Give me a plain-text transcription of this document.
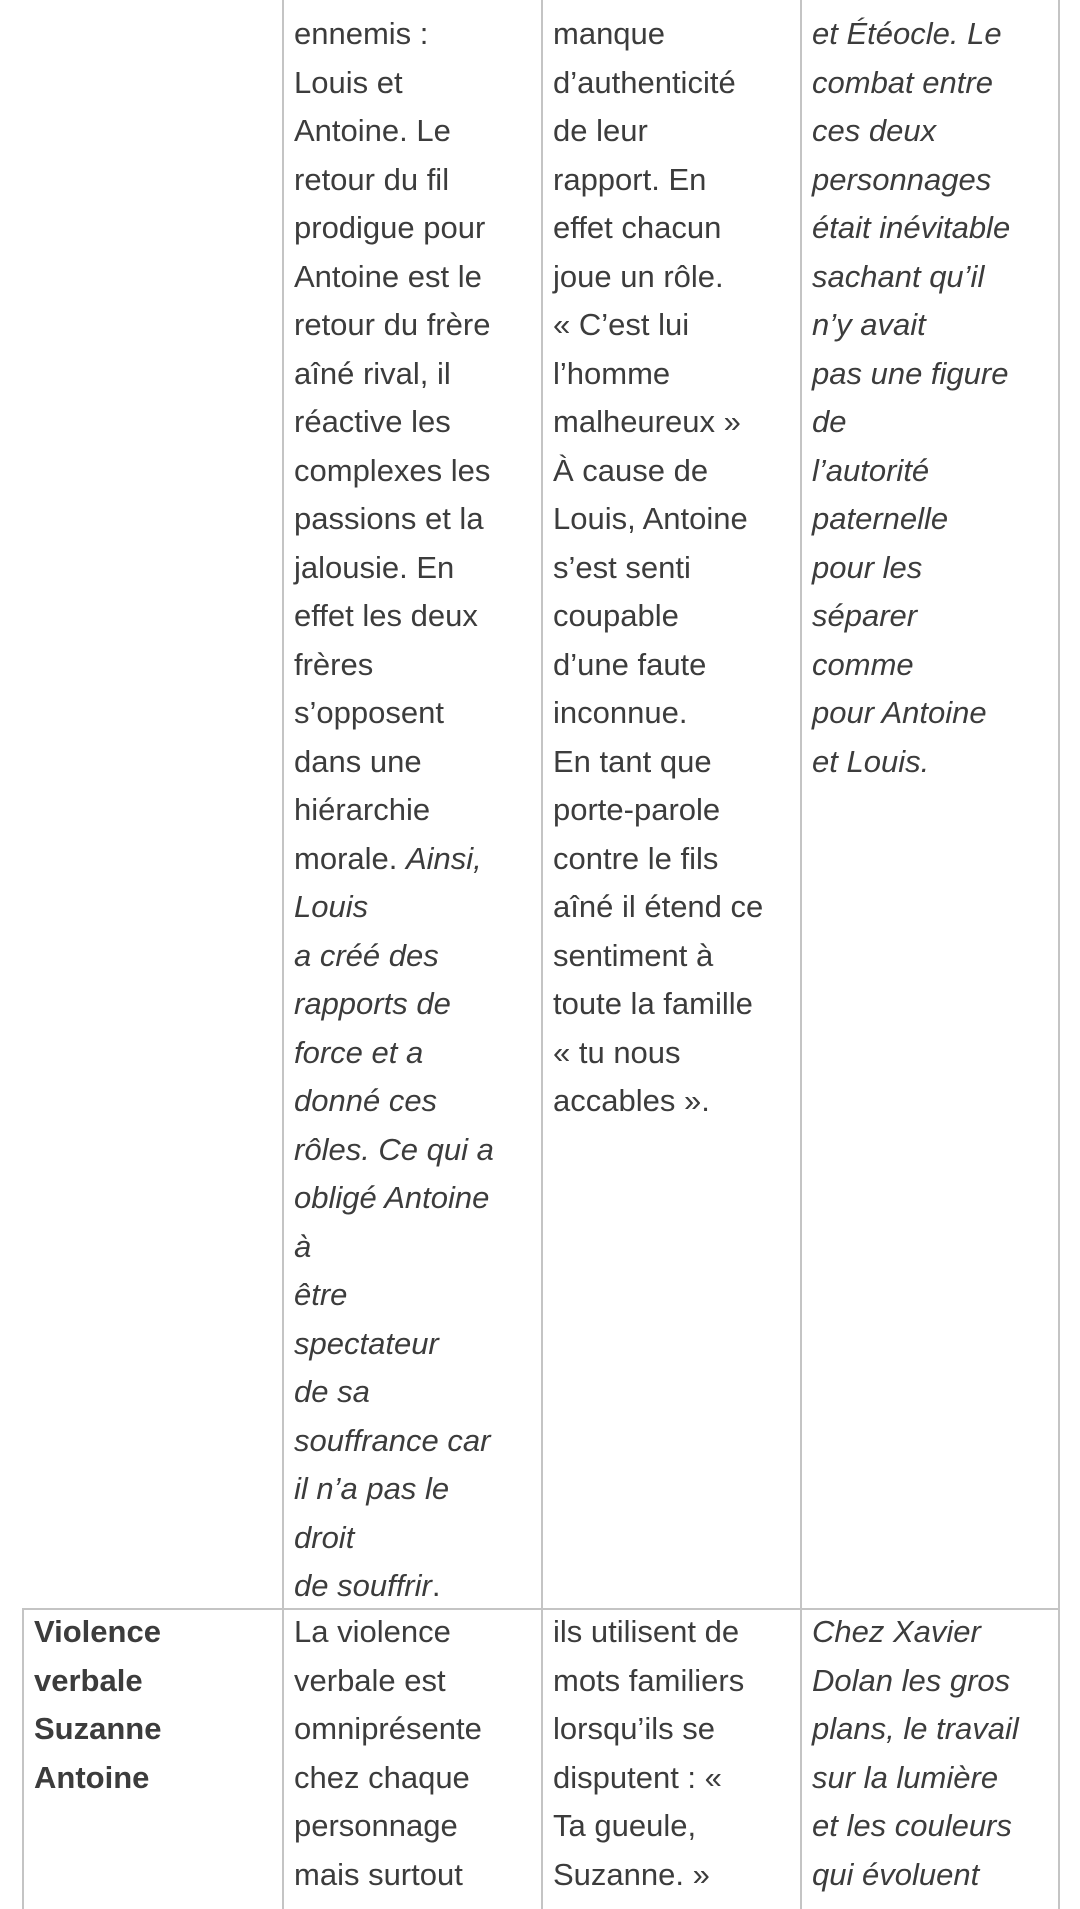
ennemis :
Louis et
Antoine. Le
retour du fil
prodigue pour
Antoine est le
retour du frère
aîné rival, il
réactive les
complexes les
passions et la
jalousie. En
effet les deux
frères
s’opposent
dans une
hiérarchie
morale. Ainsi,
Louis
a créé des
rapports de
force et a
donné ces
rôles. Ce qui a
obligé Antoine
à
être
spectateur
de sa
souffrance car
il n’a pas le
droit
de souffrir.
manque
d’authenticité
de leur
rapport. En
effet chacun
joue un rôle.
« C’est lui
l’homme
malheureux »
À cause de
Louis, Antoine
s’est senti
coupable
d’une faute
inconnue.
En tant que
porte-parole
contre le fils
aîné il étend ce
sentiment à
toute la famille
« tu nous
accables ».
et Étéocle. Le
combat entre
ces deux
personnages
était inévitable
sachant qu’il
n’y avait
pas une figure
de
l’autorité
paternelle
pour les
séparer
comme
pour Antoine
et Louis.
Violence
verbale
Suzanne
Antoine
La violence
verbale est
omniprésente
chez chaque
personnage
mais surtout
ils utilisent de
mots familiers
lorsqu’ils se
disputent : «
Ta gueule,
Suzanne. »
Chez Xavier
Dolan les gros
plans, le travail
sur la lumière
et les couleurs
qui évoluent
